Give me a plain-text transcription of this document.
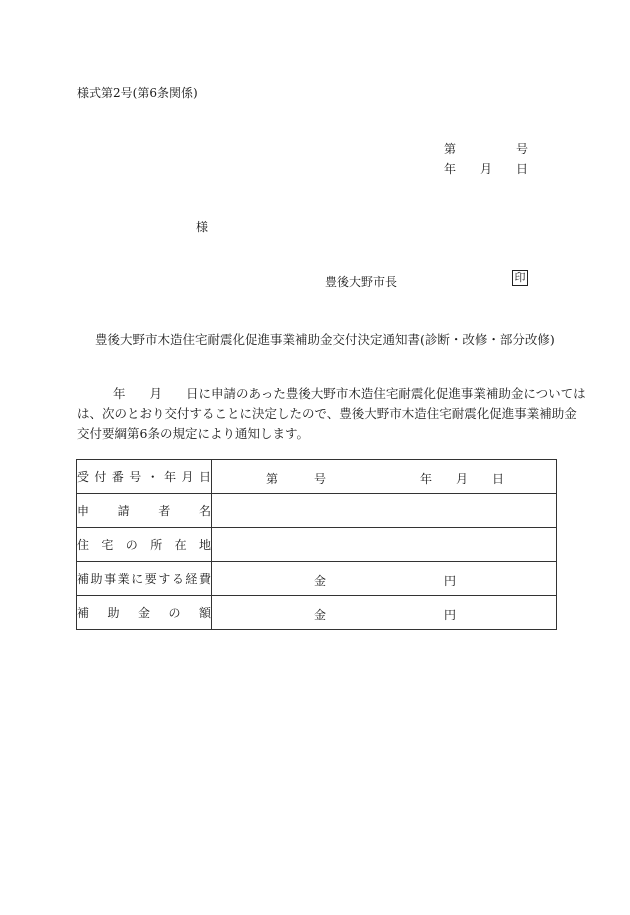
様式第2号(第6条関係)
第	号
年 月 日
様
豊後大野市長	印
豊後大野市木造住宅耐震化促進事業補助金交付決定通知書(診断・改修・部分改修)

年 月 日に申請のあった豊後大野市木造住宅耐震化促進事業補助金については

は、次のとおり交付することに決定したので、豊後大野市木造住宅耐震化促進事業補助金

交付要綱第6条の規定により通知します。

受付番号・年月日	第 号 年 月 日

申請者名	

住宅の所在地	

補助事業に要する経費	金 円

補助金の額	金 円
